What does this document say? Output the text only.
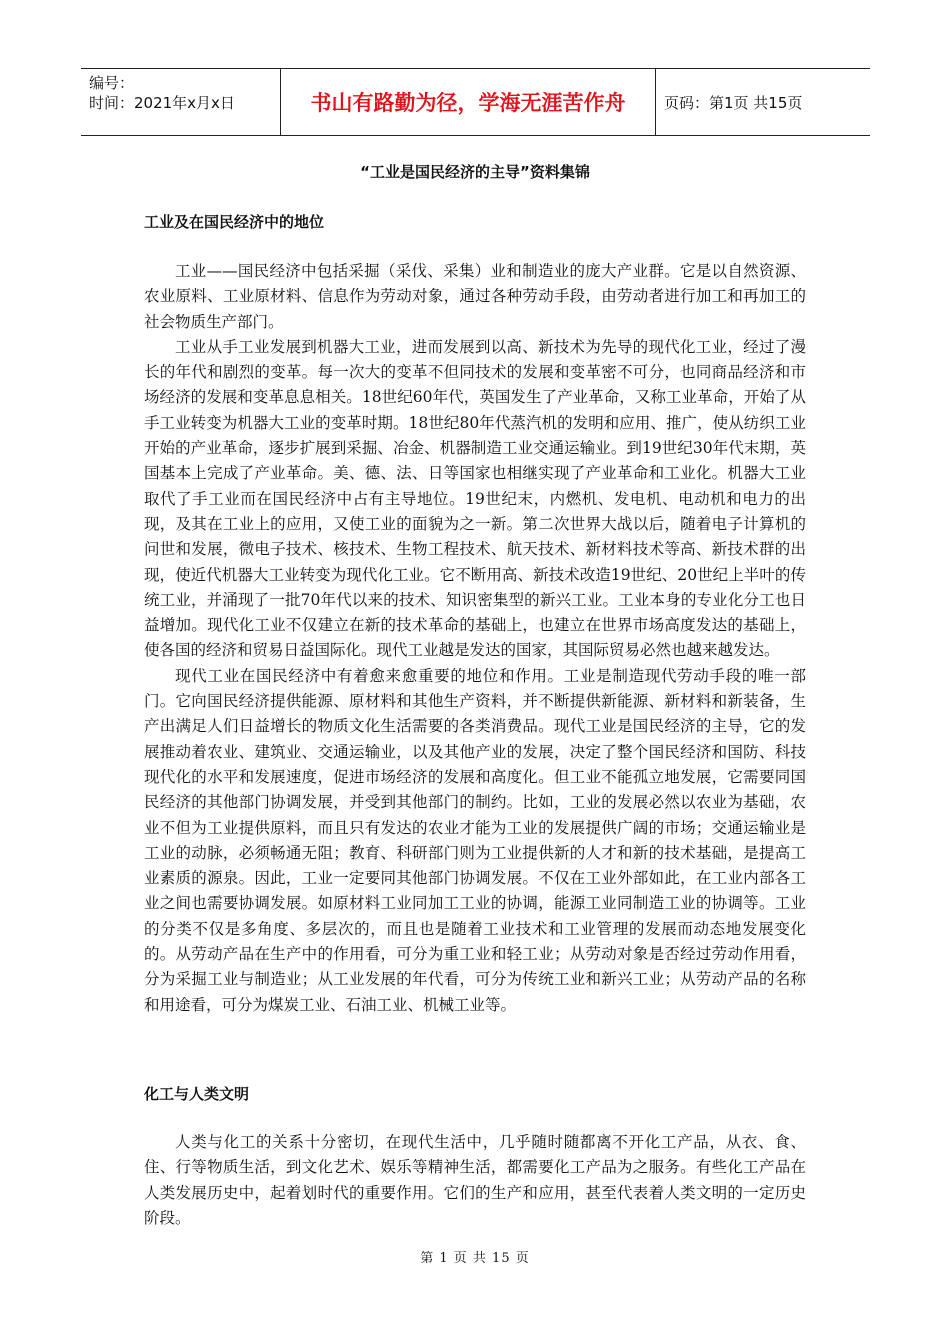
编号：
时间：2021年x月x日	书山有路勤为径，学海无涯苦作舟	页码：第1页 共15页
“工业是国民经济的主导”资料集锦
工业及在国民经济中的地位

工业——国民经济中包括采掘（采伐、采集）业和制造业的庞大产业群。它是以自然资源、农业原料、工业原材料、信息作为劳动对象，通过各种劳动手段，由劳动者进行加工和再加工的社会物质生产部门。

工业从手工业发展到机器大工业，进而发展到以高、新技术为先导的现代化工业，经过了漫长的年代和剧烈的变革。每一次大的变革不但同技术的发展和变革密不可分，也同商品经济和市场经济的发展和变革息息相关。18世纪60年代，英国发生了产业革命，又称工业革命，开始了从手工业转变为机器大工业的变革时期。18世纪80年代蒸汽机的发明和应用、推广，使从纺织工业开始的产业革命，逐步扩展到采掘、冶金、机器制造工业交通运输业。到19世纪30年代末期，英国基本上完成了产业革命。美、德、法、日等国家也相继实现了产业革命和工业化。机器大工业取代了手工业而在国民经济中占有主导地位。19世纪末，内燃机、发电机、电动机和电力的出现，及其在工业上的应用，又使工业的面貌为之一新。第二次世界大战以后，随着电子计算机的问世和发展，微电子技术、核技术、生物工程技术、航天技术、新材料技术等高、新技术群的出现，使近代机器大工业转变为现代化工业。它不断用高、新技术改造19世纪、20世纪上半叶的传统工业，并涌现了一批70年代以来的技术、知识密集型的新兴工业。工业本身的专业化分工也日益增加。现代化工业不仅建立在新的技术革命的基础上，也建立在世界市场高度发达的基础上，使各国的经济和贸易日益国际化。现代工业越是发达的国家，其国际贸易必然也越来越发达。

现代工业在国民经济中有着愈来愈重要的地位和作用。工业是制造现代劳动手段的唯一部门。它向国民经济提供能源、原材料和其他生产资料，并不断提供新能源、新材料和新装备，生产出满足人们日益增长的物质文化生活需要的各类消费品。现代工业是国民经济的主导，它的发展推动着农业、建筑业、交通运输业，以及其他产业的发展，决定了整个国民经济和国防、科技现代化的水平和发展速度，促进市场经济的发展和高度化。但工业不能孤立地发展，它需要同国民经济的其他部门协调发展，并受到其他部门的制约。比如，工业的发展必然以农业为基础，农业不但为工业提供原料，而且只有发达的农业才能为工业的发展提供广阔的市场；交通运输业是工业的动脉，必须畅通无阻；教育、科研部门则为工业提供新的人才和新的技术基础，是提高工业素质的源泉。因此，工业一定要同其他部门协调发展。不仅在工业外部如此，在工业内部各工业之间也需要协调发展。如原材料工业同加工工业的协调，能源工业同制造工业的协调等。工业的分类不仅是多角度、多层次的，而且也是随着工业技术和工业管理的发展而动态地发展变化的。从劳动产品在生产中的作用看，可分为重工业和轻工业；从劳动对象是否经过劳动作用看，分为采掘工业与制造业；从工业发展的年代看，可分为传统工业和新兴工业；从劳动产品的名称和用途看，可分为煤炭工业、石油工业、机械工业等。

化工与人类文明

人类与化工的关系十分密切，在现代生活中，几乎随时随都离不开化工产品，从衣、食、住、行等物质生活，到文化艺术、娱乐等精神生活，都需要化工产品为之服务。有些化工产品在人类发展历史中，起着划时代的重要作用。它们的生产和应用，甚至代表着人类文明的一定历史阶段。

第 1 页 共 15 页
